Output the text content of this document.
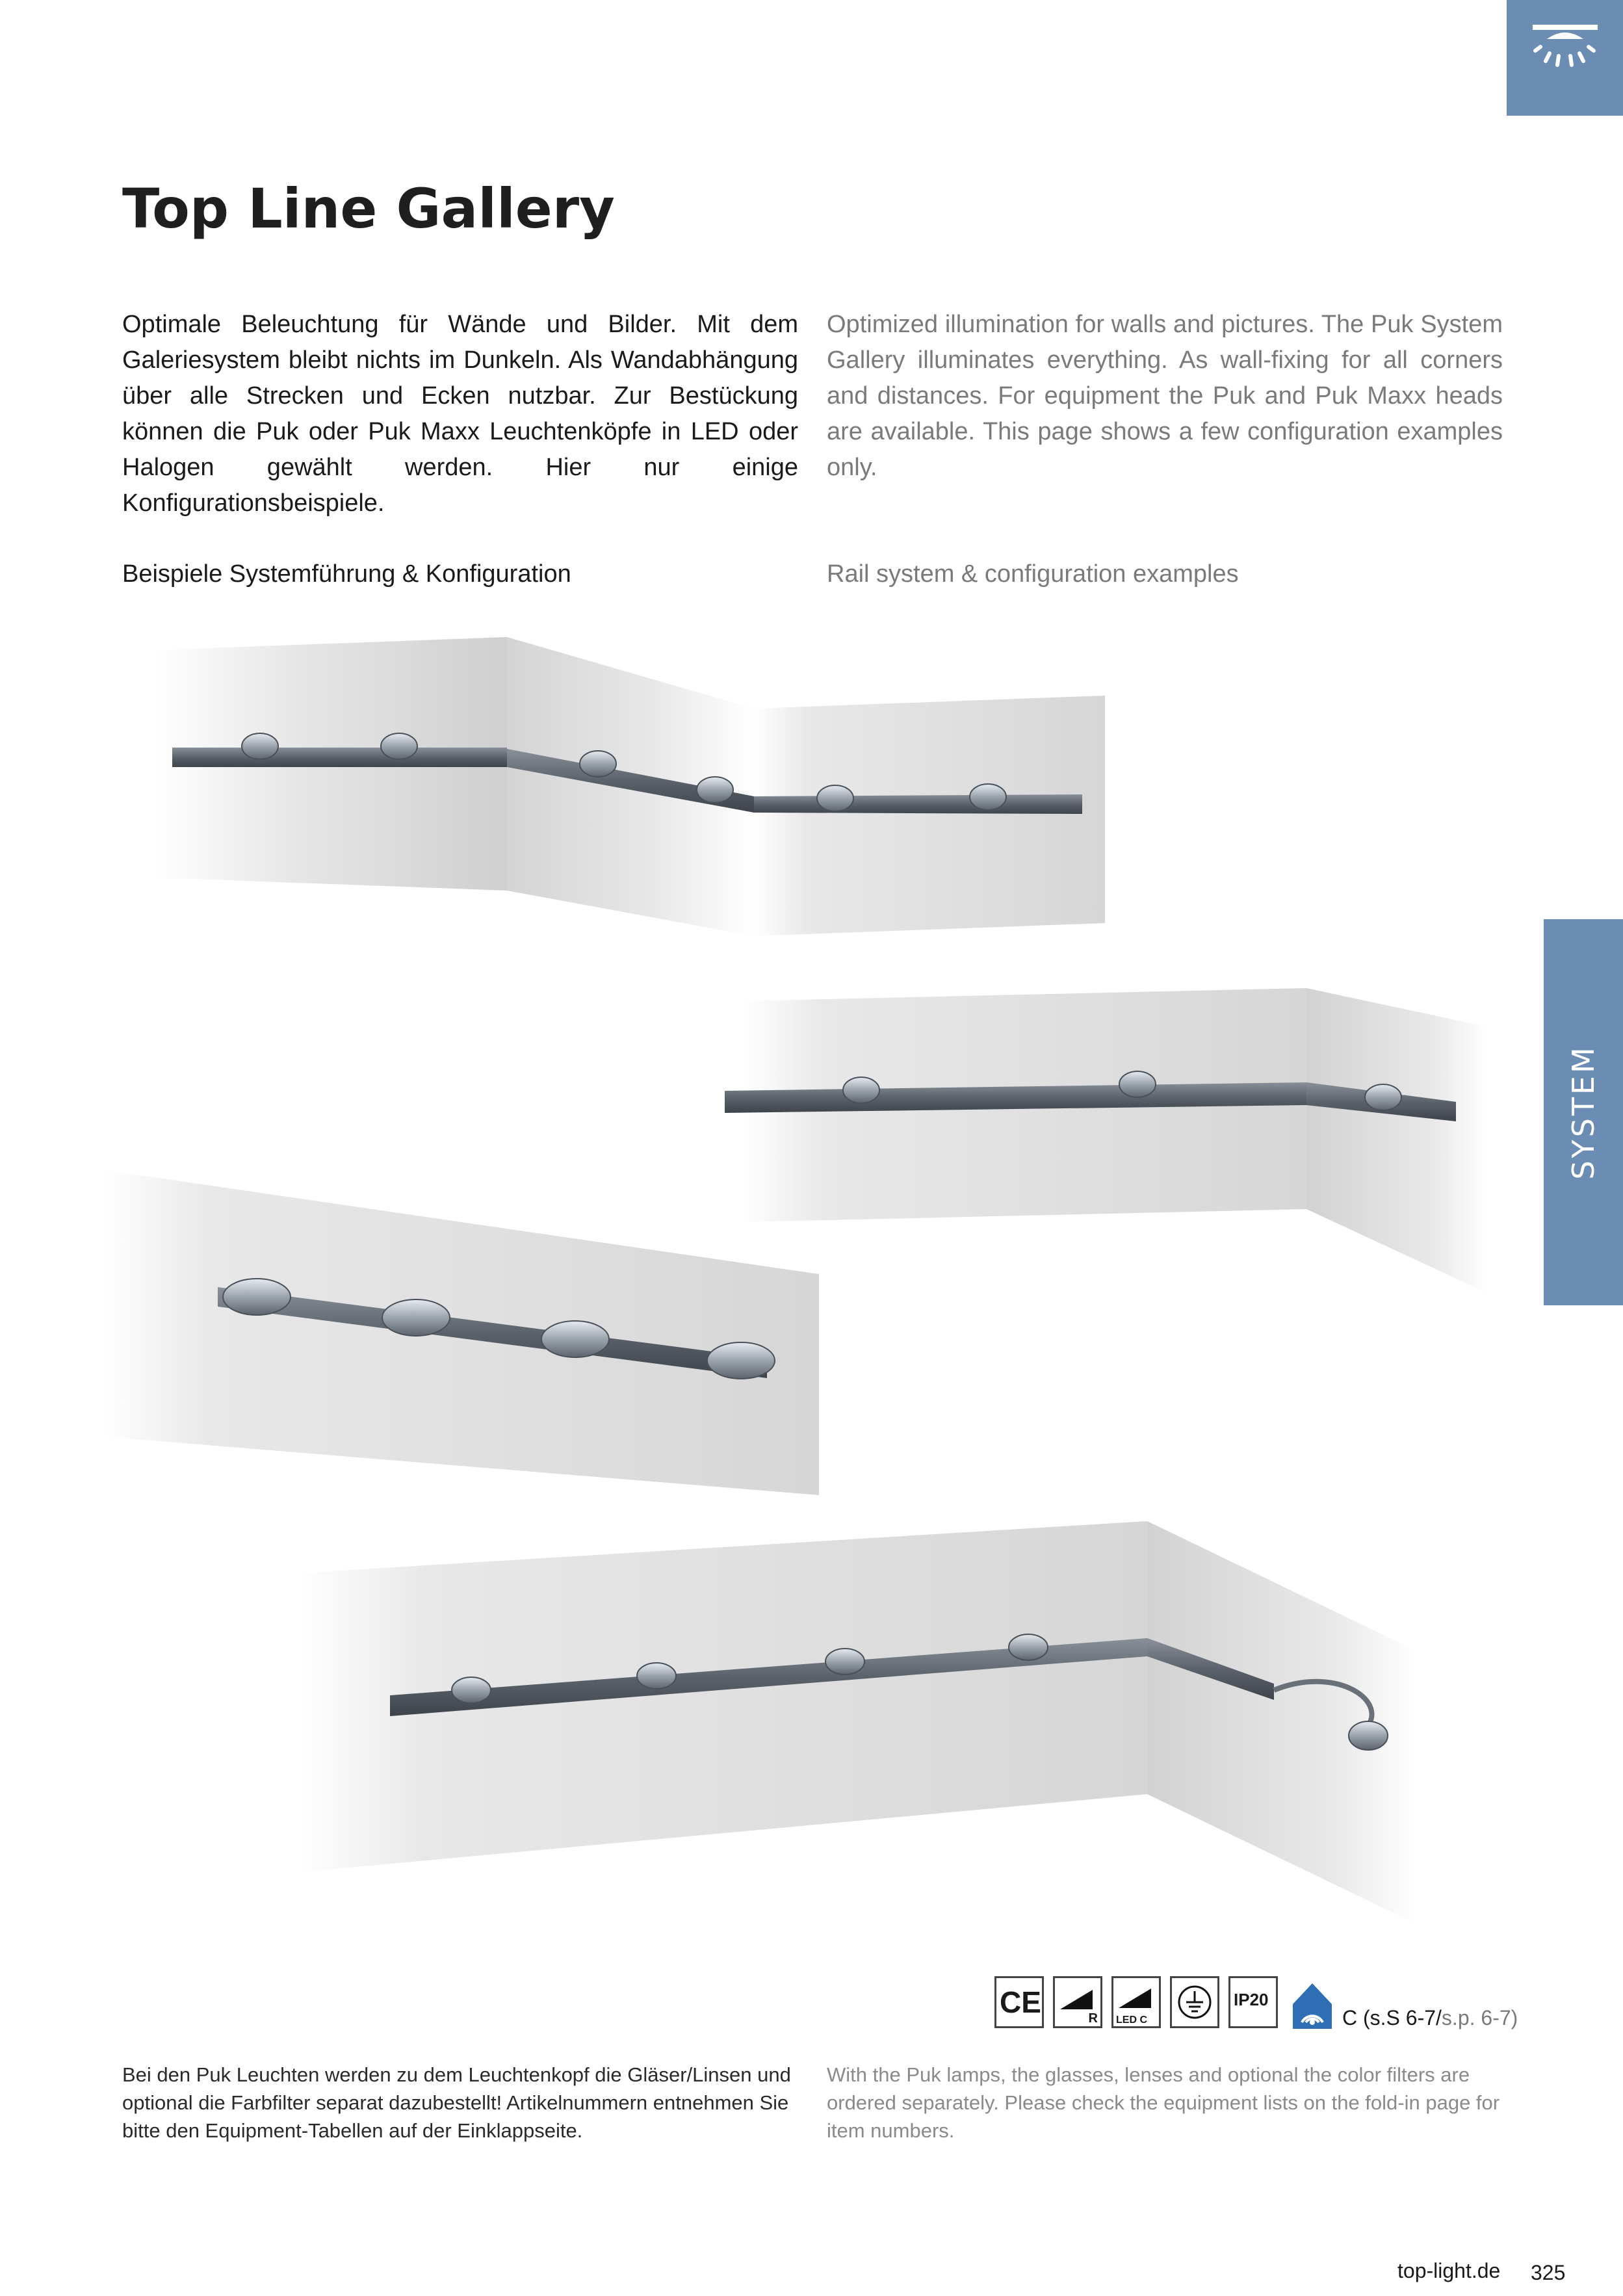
Top Line Gallery
Optimale Beleuchtung für Wände und Bilder. Mit dem Galeriesystem bleibt nichts im Dunkeln. Als Wandabhängung über alle Strecken und Ecken nutzbar. Zur Bestückung können die Puk oder Puk Maxx Leuchtenköpfe in LED oder Halogen gewählt werden. Hier nur einige Konfigurationsbeispiele.
Optimized illumination for walls and pictures. The Puk System Gallery illuminates everything. As wall-fixing for all corners and distances. For equipment the Puk and Puk Maxx heads are available. This page shows a few configuration examples only.
Beispiele Systemführung & Konfiguration	Rail system & configuration examples
SYSTEM
CE	R LED C
IP20
C (s.S 6-7/s.p. 6-7)
Bei den Puk Leuchten werden zu dem Leuchtenkopf die Gläser/Linsen und optional die Farbfilter separat dazubestellt! Artikelnummern entnehmen Sie bitte den Equipment-Tabellen auf der Einklappseite.
With the Puk lamps, the glasses, lenses and optional the color filters are ordered separately. Please check the equipment lists on the fold-in page for item numbers.
top-light.de 325
